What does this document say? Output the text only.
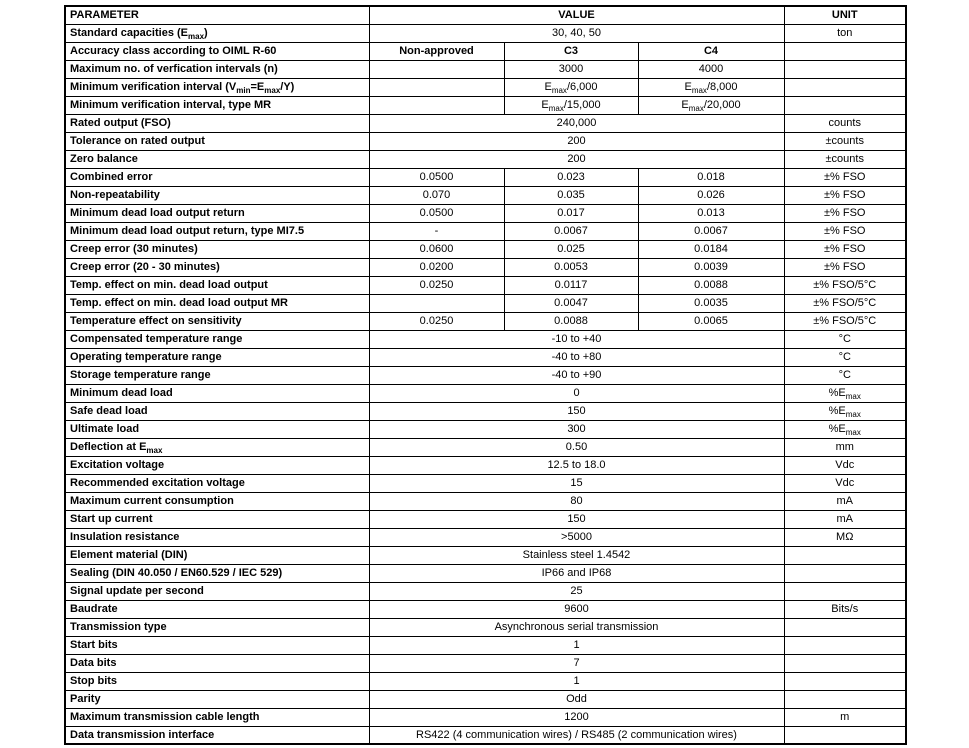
PARAMETER	VALUE			UNIT
Standard capacities $(E_{max})$	30, 40, 50			ton
Accuracy class according to OIML R-60	Non-approved	C3	C4	
Maximum no. of verfication intervals (n)		3000	4000	
Minimum verification interval $(V_{min}=E_{max}/Y)$		$E_{max}/6,000$	$E_{max}/8,000$	
Minimum verification interval, type MR		$E_{max}/15,000$	$E_{max}/20,000$	
Rated output (FSO)	240,000			counts
Tolerance on rated output	200			±counts
Zero balance	200			±counts
Combined error	0.0500	0.023	0.018	±% FSO
Non-repeatability	0.070	0.035	0.026	±% FSO
Minimum dead load output return	0.0500	0.017	0.013	±% FSO
Minimum dead load output return, type MI7.5	-	0.0067	0.0067	±% FSO
Creep error (30 minutes)	0.0600	0.025	0.0184	±% FSO
Creep error (20 - 30 minutes)	0.0200	0.0053	0.0039	±% FSO
Temp. effect on min. dead load output	0.0250	0.0117	0.0088	±% FSO/5°C
Temp. effect on min. dead load output MR		0.0047	0.0035	±% FSO/5°C
Temperature effect on sensitivity	0.0250	0.0088	0.0065	±% FSO/5°C
Compensated temperature range	-10 to +40			°C
Operating temperature range	-40 to +80			°C
Storage temperature range	-40 to +90			°C
Minimum dead load	0			$\%E_{max}$
Safe dead load	150			$\%E_{max}$
Ultimate load	300			$\%E_{max}$
Deflection at $E_{max}$	0.50			mm
Excitation voltage	12.5 to 18.0			Vdc
Recommended excitation voltage	15			Vdc
Maximum current consumption	80			mA
Start up current	150			mA
Insulation resistance	>5000			MΩ
Element material (DIN)	Stainless steel 1.4542			
Sealing (DIN 40.050 / EN60.529 / IEC 529)	IP66 and IP68			
Signal update per second	25			
Baudrate	9600			Bits/s
Transmission type	Asynchronous serial transmission			
Start bits	1			
Data bits	7			
Stop bits	1			
Parity	Odd			
Maximum transmission cable length	1200			m
Data transmission interface	RS422 (4 communication wires) / RS485 (2 communication wires)			
